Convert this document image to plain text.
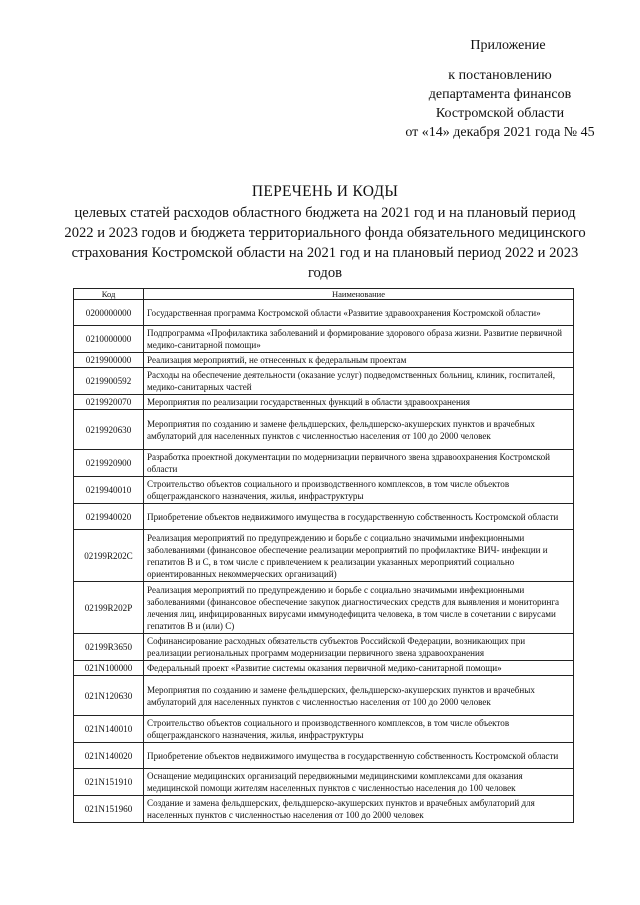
Приложение
к постановлению
департамента финансов
Костромской области
от «14» декабря 2021 года № 45
ПЕРЕЧЕНЬ И КОДЫ
целевых статей расходов областного бюджета на 2021 год и на плановый период 2022 и 2023 годов и бюджета территориального фонда обязательного медицинского страхования Костромской области на 2021 год и на плановый период 2022 и 2023 годов
Код	Наименование
0200000000	Государственная программа Костромской области «Развитие здравоохранения Костромской области»
0210000000	Подпрограмма «Профилактика заболеваний и формирование здорового образа жизни. Развитие первичной медико-санитарной помощи»
0219900000	Реализация мероприятий, не отнесенных к федеральным проектам
0219900592	Расходы на обеспечение деятельности (оказание услуг) подведомственных больниц, клиник, госпиталей, медико-санитарных частей
0219920070	Мероприятия по реализации государственных функций в области здравоохранения
0219920630	Мероприятия по созданию и замене фельдшерских, фельдшерско-акушерских пунктов и врачебных амбулаторий для населенных пунктов с численностью населения от 100 до 2000 человек
0219920900	Разработка проектной документации по модернизации первичного звена здравоохранения Костромской области
0219940010	Строительство объектов социального и производственного комплексов, в том числе объектов общегражданского назначения, жилья, инфраструктуры
0219940020	Приобретение объектов недвижимого имущества в государственную собственность Костромской области
02199R202C	Реализация мероприятий по предупреждению и борьбе с социально значимыми инфекционными заболеваниями (финансовое обеспечение реализации мероприятий по профилактике ВИЧ- инфекции и гепатитов В и С, в том числе с привлечением к реализации указанных мероприятий социально ориентированных некоммерческих организаций)
02199R202P	Реализация мероприятий по предупреждению и борьбе с социально значимыми инфекционными заболеваниями (финансовое обеспечение закупок диагностических средств для выявления и мониторинга лечения лиц, инфицированных вирусами иммунодефицита человека, в том числе в сочетании с вирусами гепатитов В и (или) С)
02199R3650	Софинансирование расходных обязательств субъектов Российской Федерации, возникающих при реализации региональных программ модернизации первичного звена здравоохранения
021N100000	Федеральный проект «Развитие системы оказания первичной медико-санитарной помощи»
021N120630	Мероприятия по созданию и замене фельдшерских, фельдшерско-акушерских пунктов и врачебных амбулаторий для населенных пунктов с численностью населения от 100 до 2000 человек
021N140010	Строительство объектов социального и производственного комплексов, в том числе объектов общегражданского назначения, жилья, инфраструктуры
021N140020	Приобретение объектов недвижимого имущества в государственную собственность Костромской области
021N151910	Оснащение медицинских организаций передвижными медицинскими комплексами для оказания медицинской помощи жителям населенных пунктов с численностью населения до 100 человек
021N151960	Создание и замена фельдшерских, фельдшерско-акушерских пунктов и врачебных амбулаторий для населенных пунктов с численностью населения от 100 до 2000 человек
